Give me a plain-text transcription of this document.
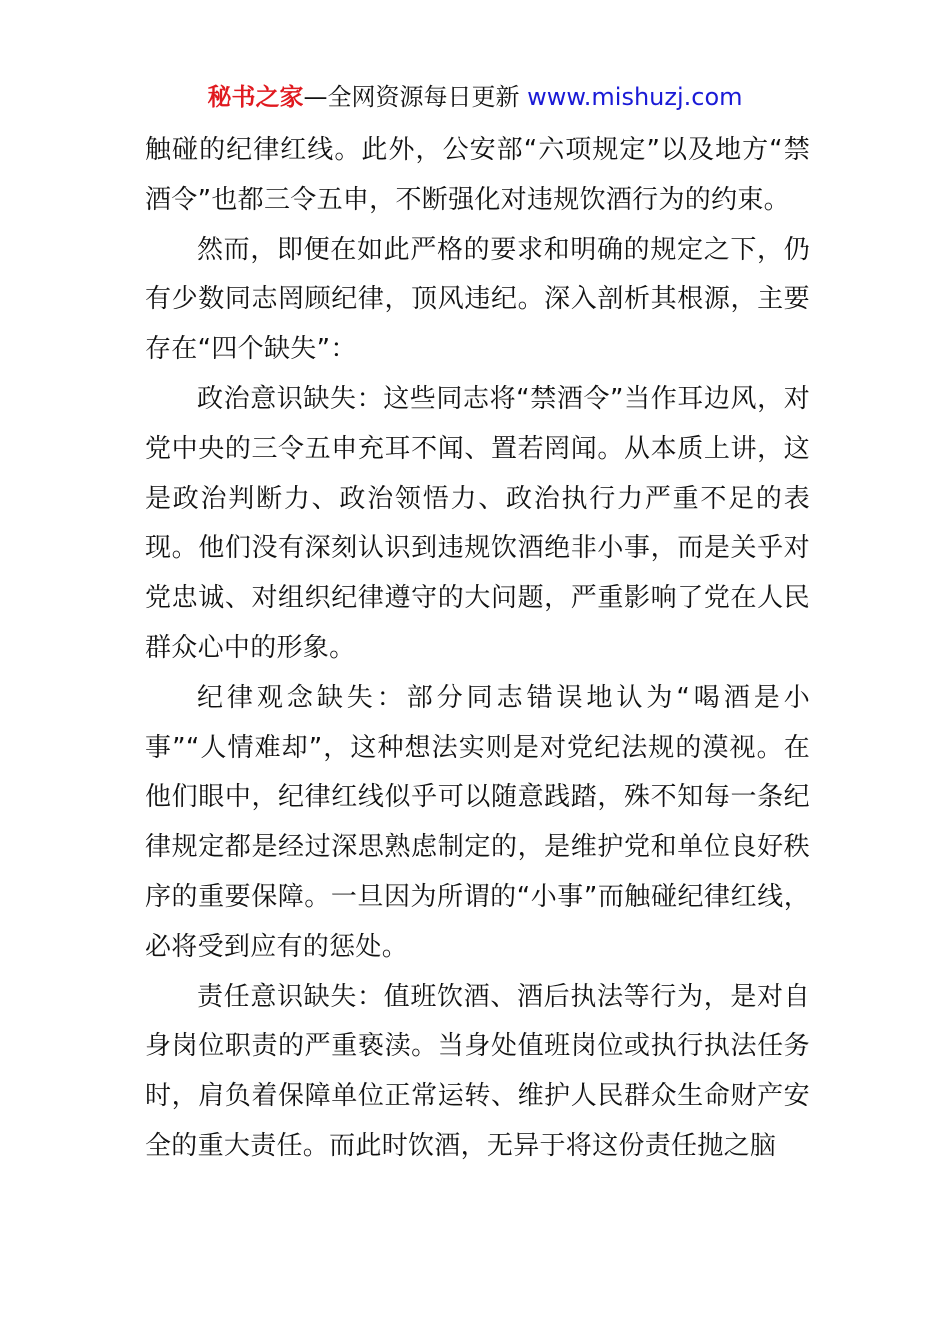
秘书之家—全网资源每日更新 www.mishuzj.com

触碰的纪律红线。此外，公安部“六项规定”以及地方“禁酒令”也都三令五申，不断强化对违规饮酒行为的约束。

然而，即便在如此严格的要求和明确的规定之下，仍有少数同志罔顾纪律，顶风违纪。深入剖析其根源，主要存在“四个缺失”：

政治意识缺失：这些同志将“禁酒令”当作耳边风，对党中央的三令五申充耳不闻、置若罔闻。从本质上讲，这是政治判断力、政治领悟力、政治执行力严重不足的表现。他们没有深刻认识到违规饮酒绝非小事，而是关乎对党忠诚、对组织纪律遵守的大问题，严重影响了党在人民群众心中的形象。

纪律观念缺失：部分同志错误地认为“喝酒是小事”“人情难却”，这种想法实则是对党纪法规的漠视。在他们眼中，纪律红线似乎可以随意践踏，殊不知每一条纪律规定都是经过深思熟虑制定的，是维护党和单位良好秩序的重要保障。一旦因为所谓的“小事”而触碰纪律红线，必将受到应有的惩处。

责任意识缺失：值班饮酒、酒后执法等行为，是对自身岗位职责的严重亵渎。当身处值班岗位或执行执法任务时，肩负着保障单位正常运转、维护人民群众生命财产安全的重大责任。而此时饮酒，无异于将这份责任抛之脑
